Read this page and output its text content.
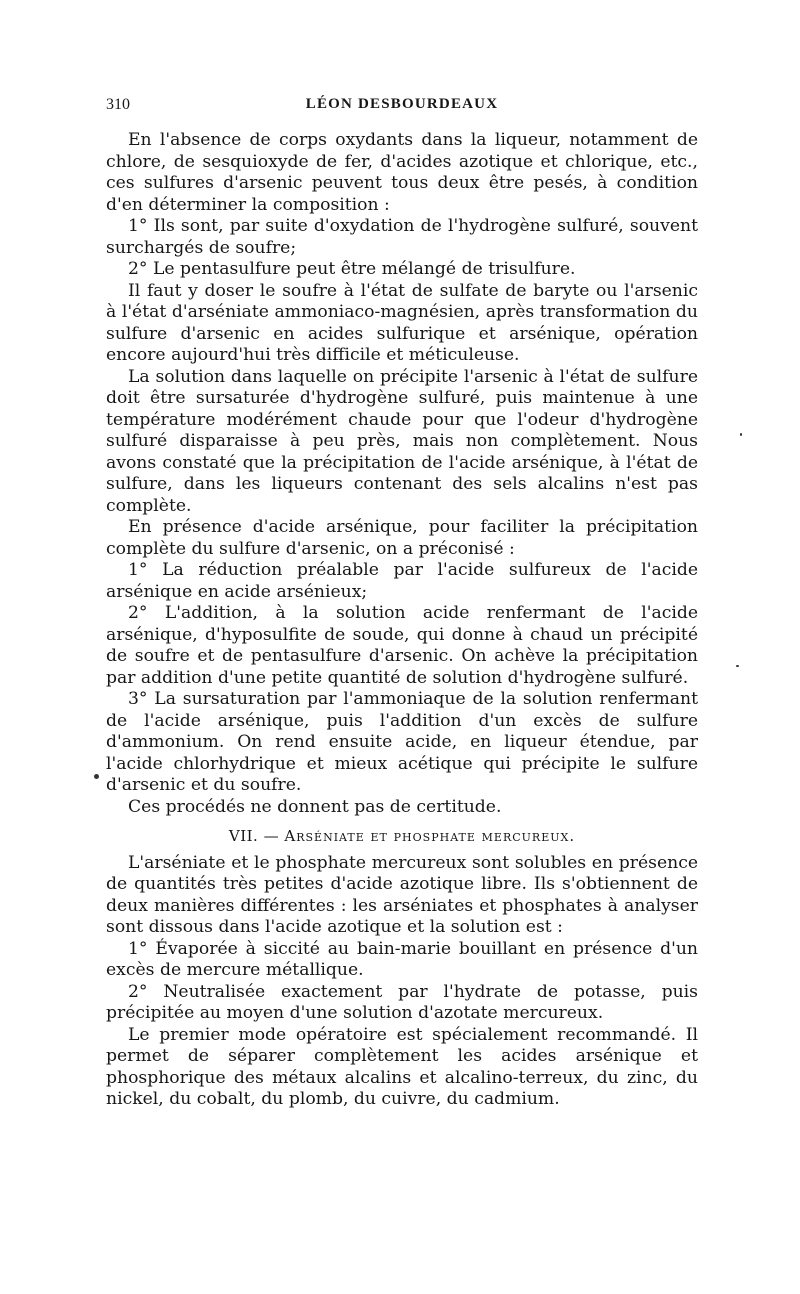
310	LÉON DESBOURDEAUX

En l'absence de corps oxydants dans la liqueur, notamment de chlore, de sesquioxyde de fer, d'acides azotique et chlorique, etc., ces sulfures d'arsenic peuvent tous deux être pesés, à condition d'en déterminer la composition :

1° Ils sont, par suite d'oxydation de l'hydrogène sulfuré, souvent surchargés de soufre;

2° Le pentasulfure peut être mélangé de trisulfure.

Il faut y doser le soufre à l'état de sulfate de baryte ou l'arsenic à l'état d'arséniate ammoniaco-magnésien, après transformation du sulfure d'arsenic en acides sulfurique et arsénique, opération encore aujourd'hui très difficile et méticuleuse.

La solution dans laquelle on précipite l'arsenic à l'état de sulfure doit être sursaturée d'hydrogène sulfuré, puis maintenue à une température modérément chaude pour que l'odeur d'hydrogène sulfuré disparaisse à peu près, mais non complètement. Nous avons constaté que la précipitation de l'acide arsénique, à l'état de sulfure, dans les liqueurs contenant des sels alcalins n'est pas complète.

En présence d'acide arsénique, pour faciliter la précipitation complète du sulfure d'arsenic, on a préconisé :

1° La réduction préalable par l'acide sulfureux de l'acide arsénique en acide arsénieux;

2° L'addition, à la solution acide renfermant de l'acide arsénique, d'hyposulfite de soude, qui donne à chaud un précipité de soufre et de pentasulfure d'arsenic. On achève la précipitation par addition d'une petite quantité de solution d'hydrogène sulfuré.

3° La sursaturation par l'ammoniaque de la solution renfermant de l'acide arsénique, puis l'addition d'un excès de sulfure d'ammonium. On rend ensuite acide, en liqueur étendue, par l'acide chlorhydrique et mieux acétique qui précipite le sulfure d'arsenic et du soufre.

Ces procédés ne donnent pas de certitude.

VII. — Arséniate et phosphate mercureux.

L'arséniate et le phosphate mercureux sont solubles en présence de quantités très petites d'acide azotique libre. Ils s'obtiennent de deux manières différentes : les arséniates et phosphates à analyser sont dissous dans l'acide azotique et la solution est :

1° Évaporée à siccité au bain-marie bouillant en présence d'un excès de mercure métallique.

2° Neutralisée exactement par l'hydrate de potasse, puis précipitée au moyen d'une solution d'azotate mercureux.

Le premier mode opératoire est spécialement recommandé. Il permet de séparer complètement les acides arsénique et phosphorique des métaux alcalins et alcalino-terreux, du zinc, du nickel, du cobalt, du plomb, du cuivre, du cadmium.
